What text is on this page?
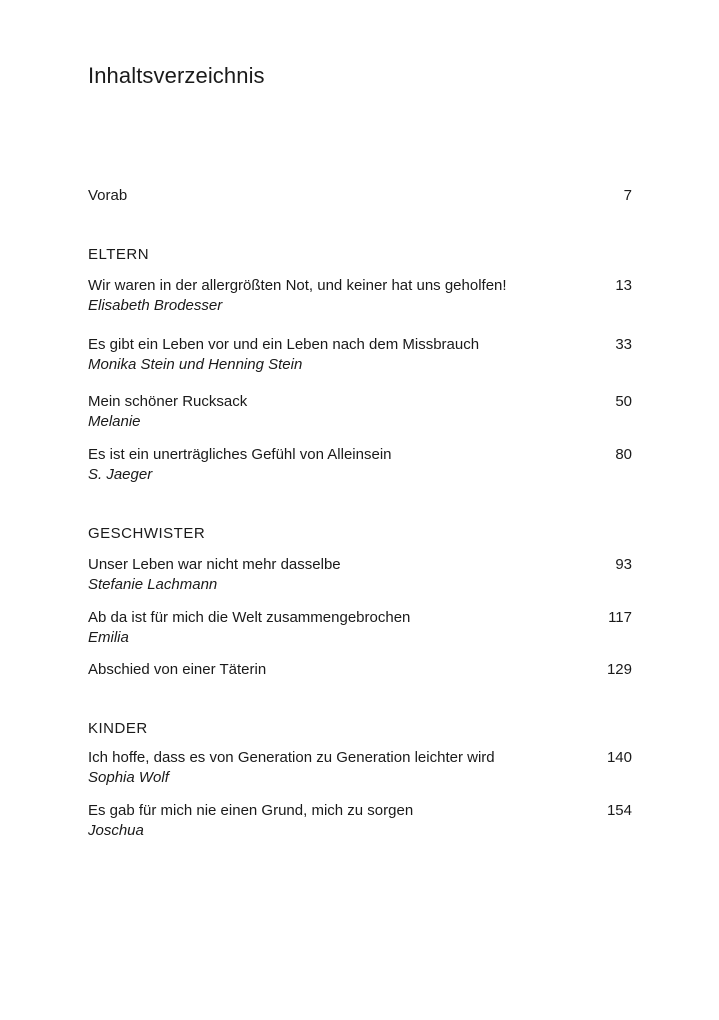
Inhaltsverzeichnis
Vorab	7
ELTERN
Wir waren in der allergrößten Not, und keiner hat uns geholfen!	13
Elisabeth Brodesser
Es gibt ein Leben vor und ein Leben nach dem Missbrauch	33
Monika Stein und Henning Stein
Mein schöner Rucksack	50
Melanie
Es ist ein unerträgliches Gefühl von Alleinsein	80
S. Jaeger
GESCHWISTER
Unser Leben war nicht mehr dasselbe	93
Stefanie Lachmann
Ab da ist für mich die Welt zusammengebrochen	117
Emilia
Abschied von einer Täterin	129
KINDER
Ich hoffe, dass es von Generation zu Generation leichter wird	140
Sophia Wolf
Es gab für mich nie einen Grund, mich zu sorgen	154
Joschua
